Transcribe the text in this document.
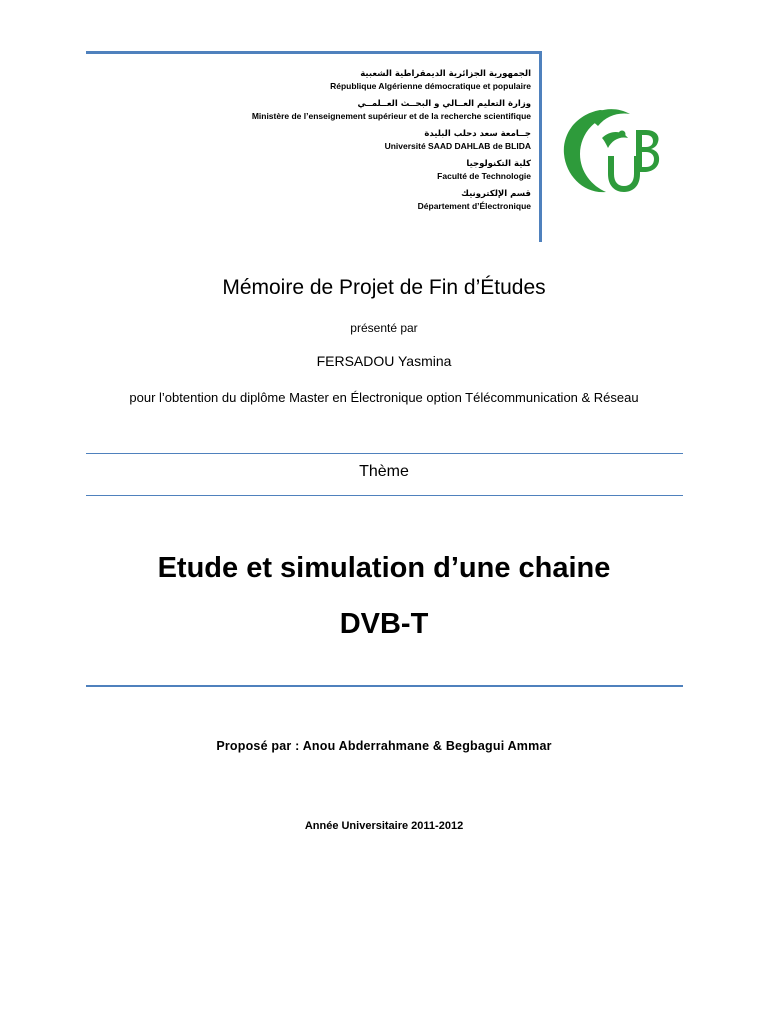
الجمهورية الجزائرية الديمقراطية الشعبية
République Algérienne démocratique et populaire
وزارة التعليم العــالي و البحــث العــلمــي
Ministère de l’enseignement supérieur et de la recherche scientifique
جــامعة سعد دحلب البليدة
Université SAAD DAHLAB de BLIDA
كلية التكنولوجيا
Faculté de Technologie
قسم الإلكترونيك
Département d’Électronique
Mémoire de Projet de Fin d’Études
présenté par
FERSADOU Yasmina
pour l’obtention du diplôme Master en Électronique option Télécommunication & Réseau
Thème
Etude et simulation d’une chaine
DVB-T
Proposé par : Anou Abderrahmane & Begbagui Ammar
Année Universitaire 2011-2012
